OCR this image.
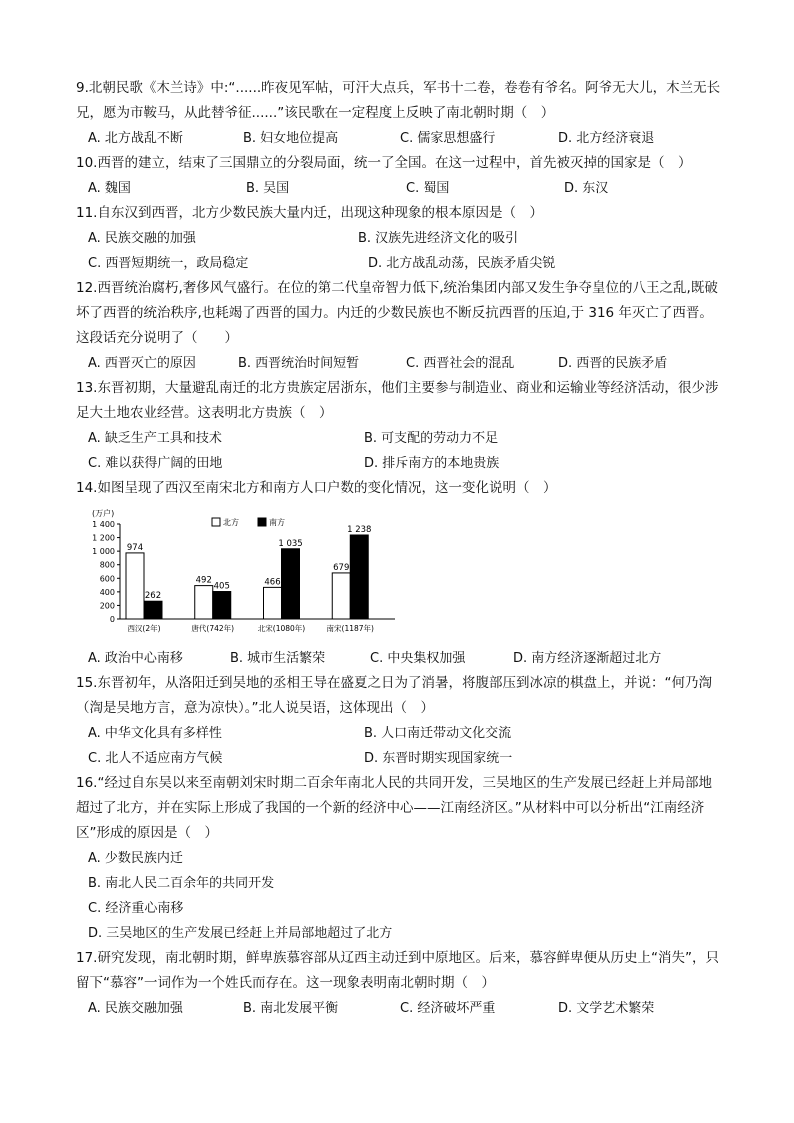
9.北朝民歌《木兰诗》中:“......昨夜见军帖，可汗大点兵，军书十二卷，卷卷有爷名。阿爷无大儿，木兰无长兄，愿为市鞍马，从此替爷征......”该民歌在一定程度上反映了南北朝时期（　）
A. 北方战乱不断	B. 妇女地位提高	C. 儒家思想盛行	D. 北方经济衰退
10.西晋的建立，结束了三国鼎立的分裂局面，统一了全国。在这一过程中，首先被灭掉的国家是（　）
A. 魏国	B. 吴国	C. 蜀国	D. 东汉
11.自东汉到西晋，北方少数民族大量内迁，出现这种现象的根本原因是（　）
A. 民族交融的加强	B. 汉族先进经济文化的吸引
C. 西晋短期统一，政局稳定	D. 北方战乱动荡，民族矛盾尖锐
12.西晋统治腐朽,奢侈风气盛行。在位的第二代皇帝智力低下,统治集团内部又发生争夺皇位的八王之乱,既破坏了西晋的统治秩序,也耗竭了西晋的国力。内迁的少数民族也不断反抗西晋的压迫,于 316 年灭亡了西晋。这段话充分说明了（　　）
A. 西晋灭亡的原因	B. 西晋统治时间短暂	C. 西晋社会的混乱	D. 西晋的民族矛盾
13.东晋初期，大量避乱南迁的北方贵族定居浙东，他们主要参与制造业、商业和运输业等经济活动，很少涉足大土地农业经营。这表明北方贵族（　）
A. 缺乏生产工具和技术	B. 可支配的劳动力不足
C. 难以获得广阔的田地	D. 排斥南方的本地贵族
14.如图呈现了西汉至南宋北方和南方人口户数的变化情况，这一变化说明（　）
(万户)
北方	南方
0
200
400
600
800
1 000
1 200
1 400
974
262
西汉(2年)
492
405
唐代(742年)
466
1 035
北宋(1080年)
679
1 238
南宋(1187年)
A. 政治中心南移	B. 城市生活繁荣	C. 中央集权加强	D. 南方经济逐渐超过北方
15.东晋初年，从洛阳迁到吴地的丞相王导在盛夏之日为了消暑，将腹部压到冰凉的棋盘上，并说：“何乃渹（渹是吴地方言，意为凉快）。”北人说吴语，这体现出（　）
A. 中华文化具有多样性	B. 人口南迁带动文化交流
C. 北人不适应南方气候	D. 东晋时期实现国家统一
16.“经过自东吴以来至南朝刘宋时期二百余年南北人民的共同开发，三吴地区的生产发展已经赶上并局部地超过了北方，并在实际上形成了我国的一个新的经济中心——江南经济区。”从材料中可以分析出“江南经济区”形成的原因是（　）
A. 少数民族内迁
B. 南北人民二百余年的共同开发
C. 经济重心南移
D. 三吴地区的生产发展已经赶上并局部地超过了北方
17.研究发现，南北朝时期，鲜卑族慕容部从辽西主动迁到中原地区。后来，慕容鲜卑便从历史上“消失”，只留下“慕容”一词作为一个姓氏而存在。这一现象表明南北朝时期（　）
A. 民族交融加强	B. 南北发展平衡	C. 经济破坏严重	D. 文学艺术繁荣
